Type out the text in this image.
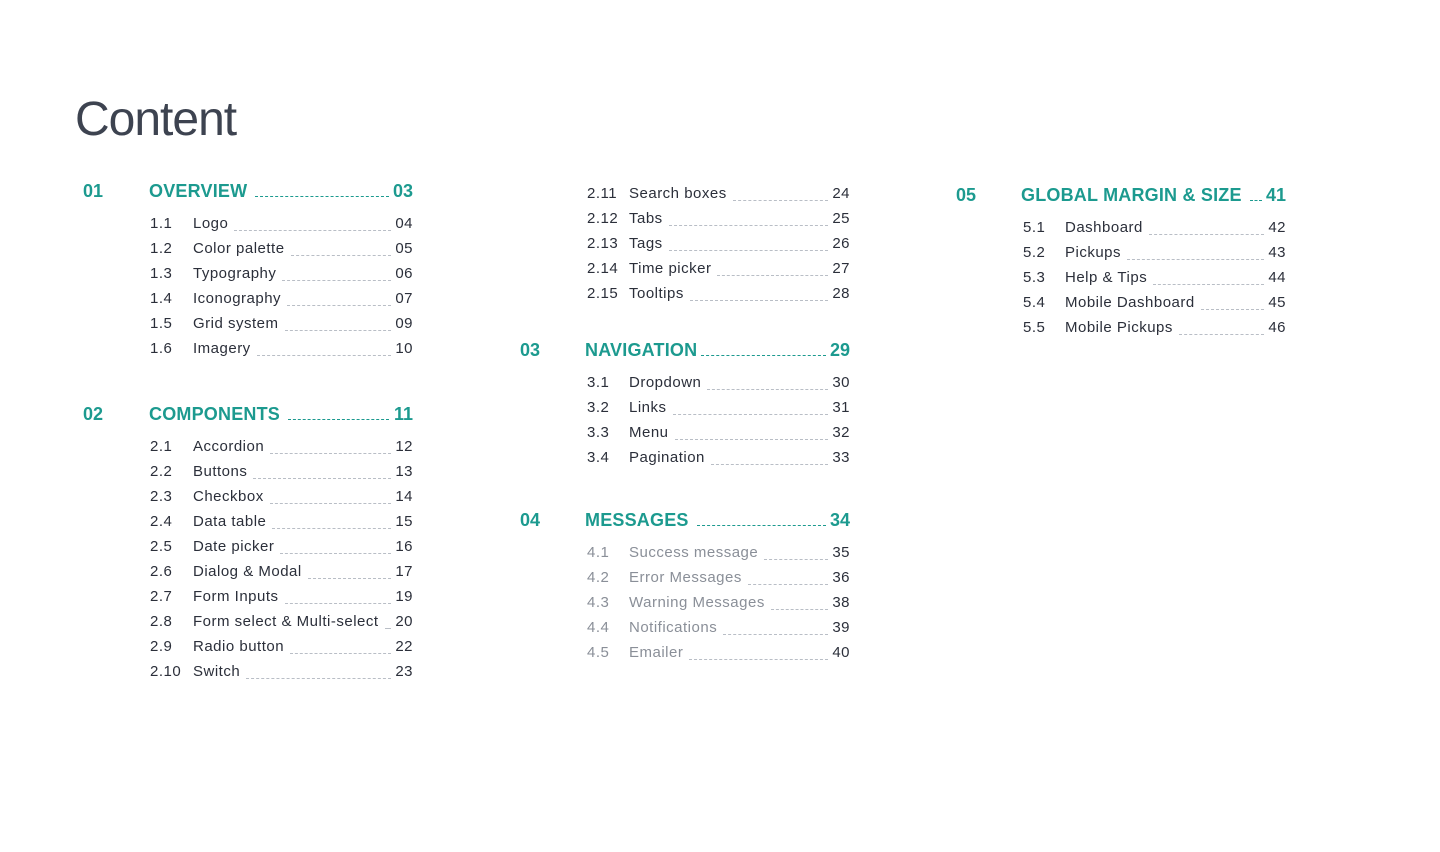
Content
01	OVERVIEW	03
1.1 Logo	04
1.2 Color palette	05
1.3 Typography	06
1.4 Iconography	07
1.5 Grid system	09
1.6 Imagery	10
02	COMPONENTS	11
2.1 Accordion	12
2.2 Buttons	13
2.3 Checkbox	14
2.4 Data table	15
2.5 Date picker	16
2.6 Dialog & Modal	17
2.7 Form Inputs	19
2.8 Form select & Multi-select 20
2.9 Radio button	22
2.10 Switch	23
2.11 Search boxes	24
2.12 Tabs	25
2.13 Tags	26
2.14 Time picker	27
2.15 Tooltips	28
03 NAVIGATION	29
3.1 Dropdown	30
3.2 Links	31
3.3 Menu	32
3.4 Pagination	33
04 MESSAGES	34
4.1 Success message	35
4.2 Error Messages	36
4.3 Warning Messages	38
4.4 Notifications	39
4.5 Emailer	40
05 GLOBAL MARGIN & SIZE 41
5.1 Dashboard	42
5.2 Pickups	43
5.3 Help & Tips	44
5.4 Mobile Dashboard	45
5.5 Mobile Pickups	46
